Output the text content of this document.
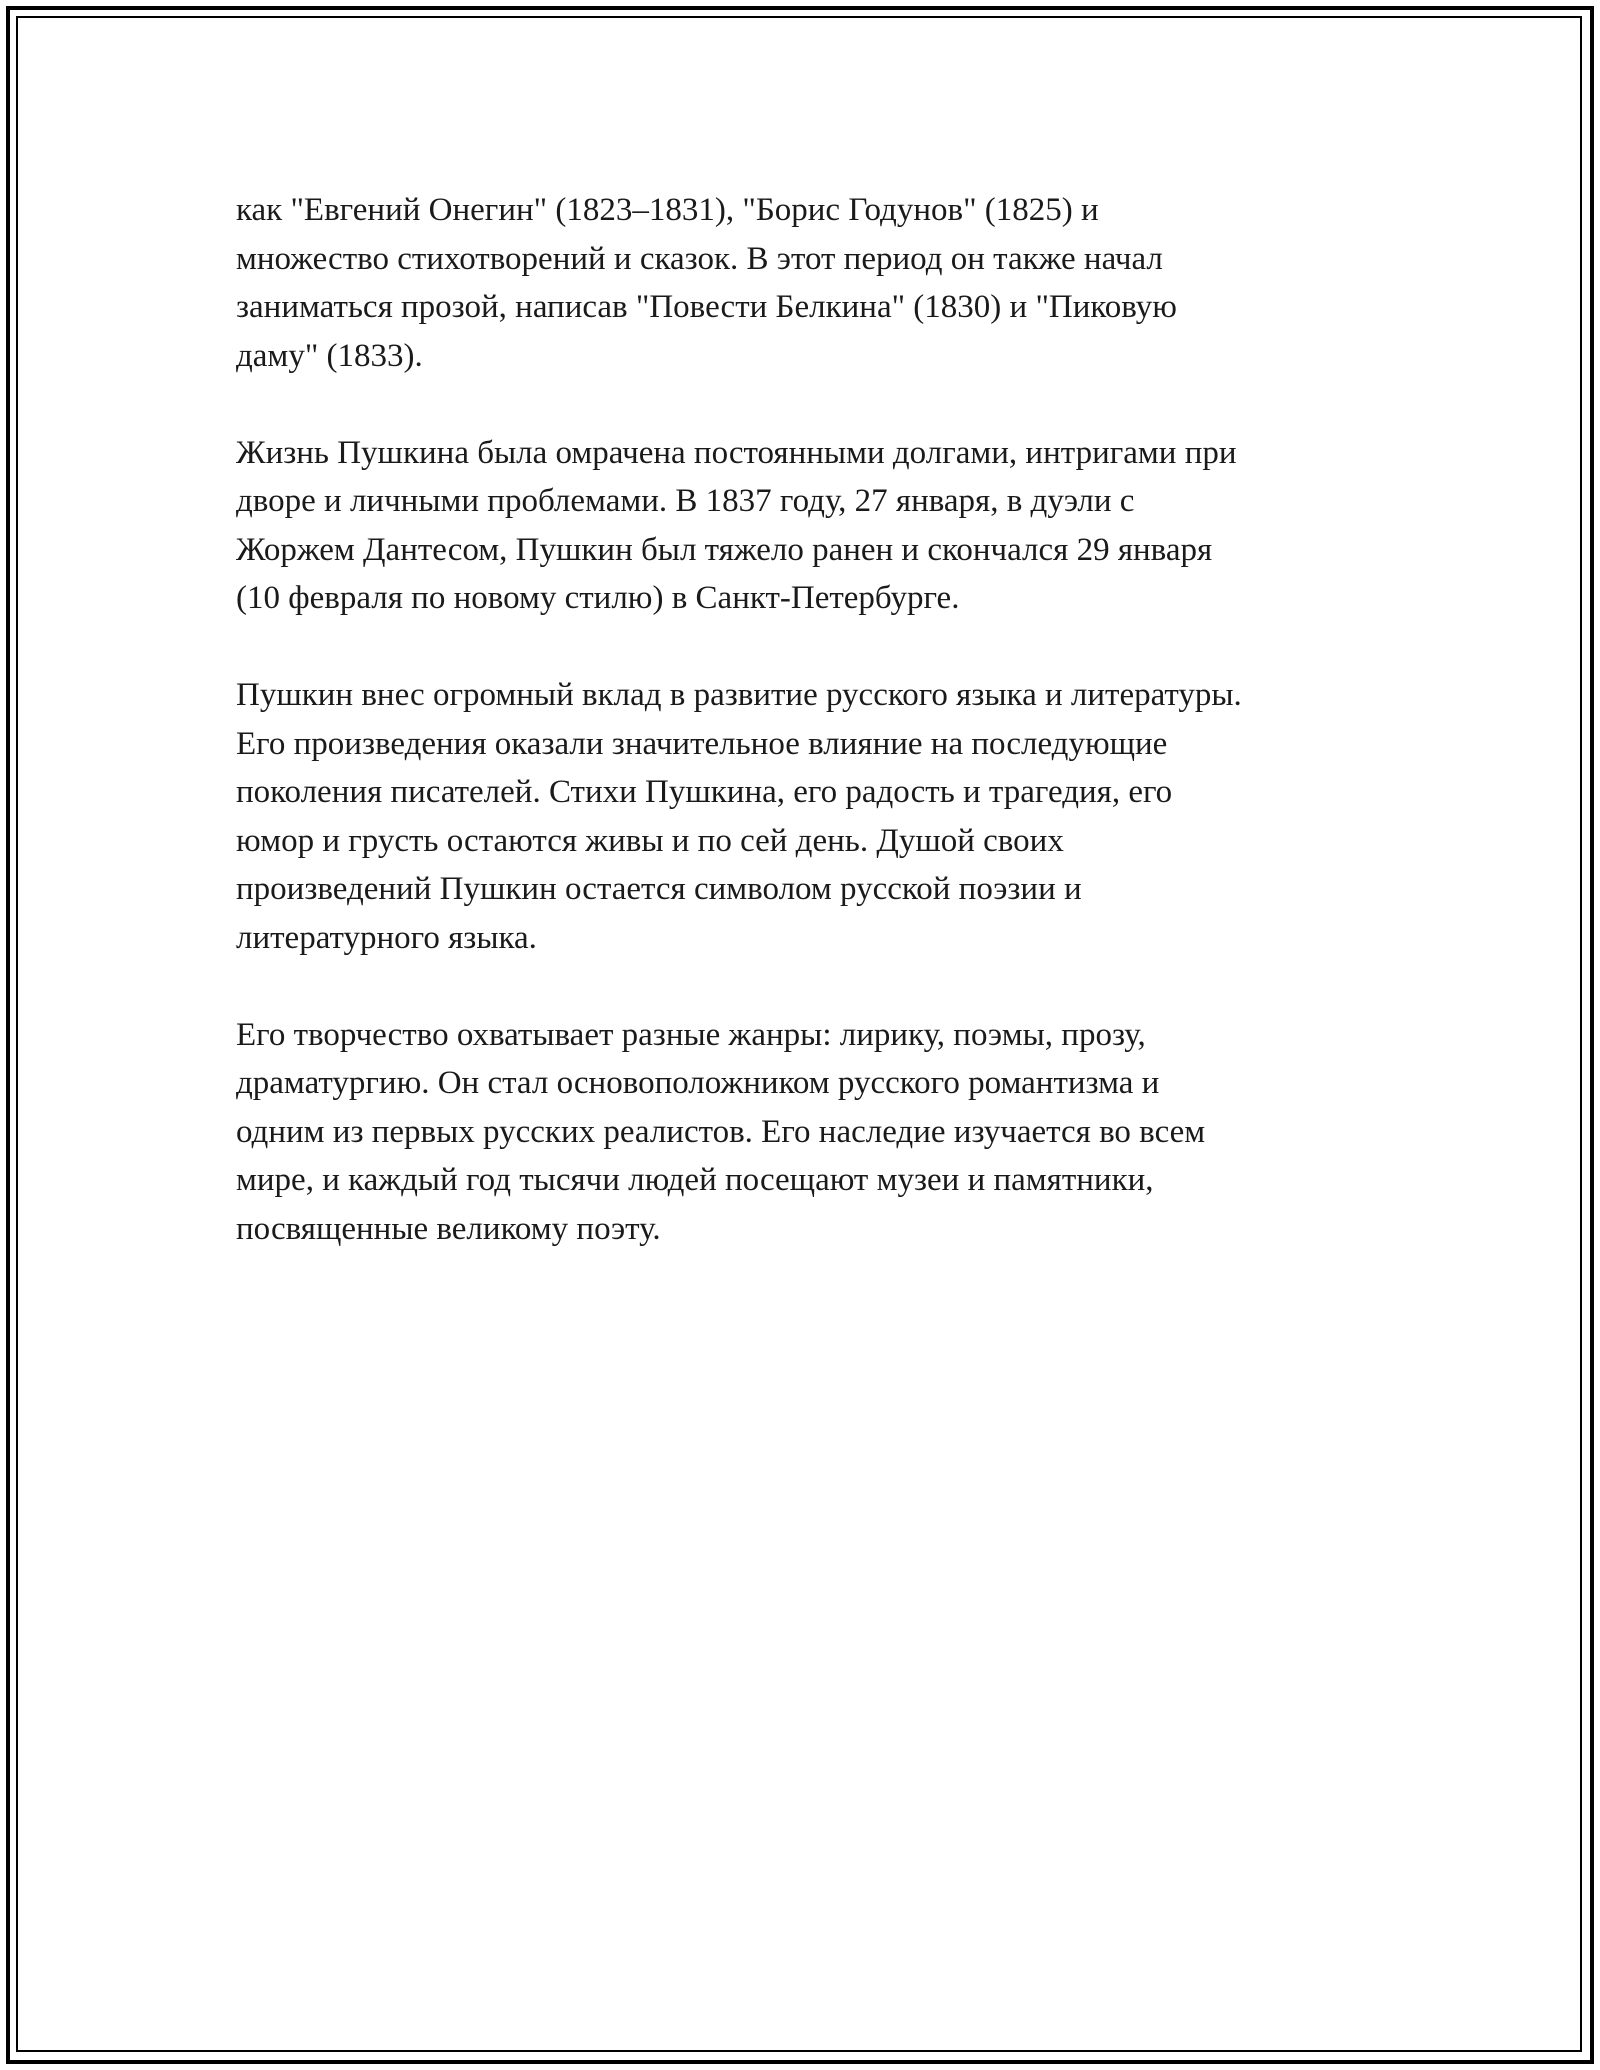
как "Евгений Онегин" (1823–1831), "Борис Годунов" (1825) и
множество стихотворений и сказок. В этот период он также начал
заниматься прозой, написав "Повести Белкина" (1830) и "Пиковую
даму" (1833).

Жизнь Пушкина была омрачена постоянными долгами, интригами при
дворе и личными проблемами. В 1837 году, 27 января, в дуэли с
Жоржем Дантесом, Пушкин был тяжело ранен и скончался 29 января
(10 февраля по новому стилю) в Санкт-Петербурге.

Пушкин внес огромный вклад в развитие русского языка и литературы.
Его произведения оказали значительное влияние на последующие
поколения писателей. Стихи Пушкина, его радость и трагедия, его
юмор и грусть остаются живы и по сей день. Душой своих
произведений Пушкин остается символом русской поэзии и
литературного языка.

Его творчество охватывает разные жанры: лирику, поэмы, прозу,
драматургию. Он стал основоположником русского романтизма и
одним из первых русских реалистов. Его наследие изучается во всем
мире, и каждый год тысячи людей посещают музеи и памятники,
посвященные великому поэту.
